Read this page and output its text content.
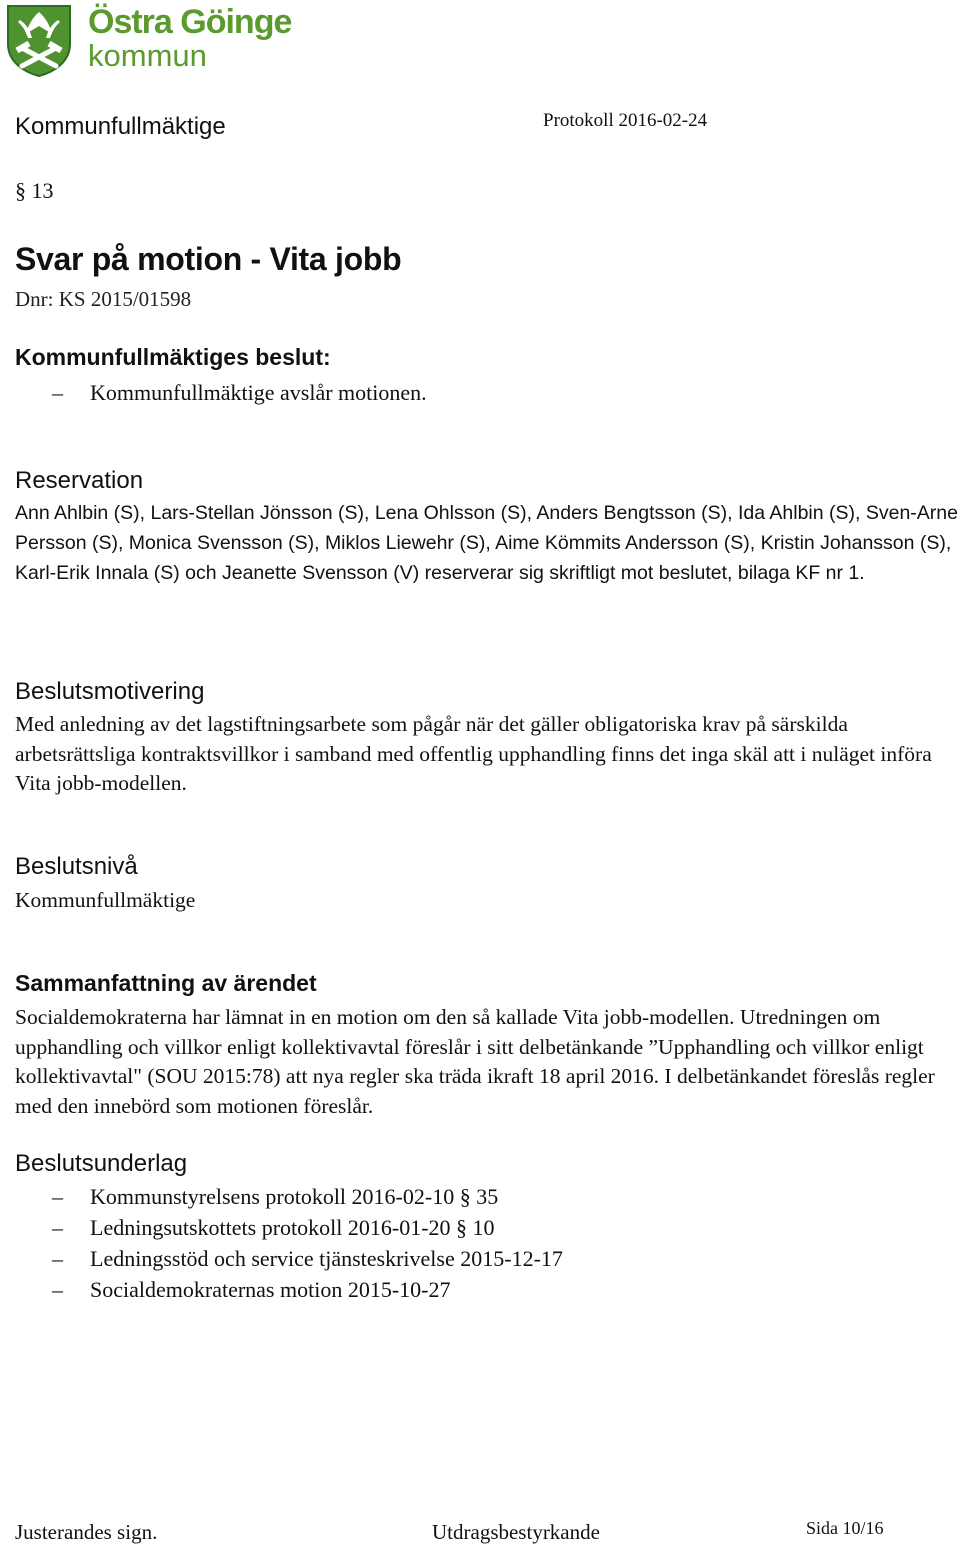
Östra Göinge
kommun
Kommunfullmäktige	Protokoll 2016-02-24
§ 13
Svar på motion - Vita jobb
Dnr: KS 2015/01598
Kommunfullmäktiges beslut:
– Kommunfullmäktige avslår motionen.
Reservation
Ann Ahlbin (S), Lars-Stellan Jönsson (S), Lena Ohlsson (S), Anders Bengtsson (S), Ida Ahlbin (S), Sven-Arne Persson (S), Monica Svensson (S), Miklos Liewehr (S), Aime Kömmits Andersson (S), Kristin Johansson (S), Karl-Erik Innala (S) och Jeanette Svensson (V) reserverar sig skriftligt mot beslutet, bilaga KF nr 1.
Beslutsmotivering
Med anledning av det lagstiftningsarbete som pågår när det gäller obligatoriska krav på särskilda arbetsrättsliga kontraktsvillkor i samband med offentlig upphandling finns det inga skäl att i nuläget införa Vita jobb-modellen.
Beslutsnivå
Kommunfullmäktige
Sammanfattning av ärendet
Socialdemokraterna har lämnat in en motion om den så kallade Vita jobb-modellen. Utredningen om upphandling och villkor enligt kollektivavtal föreslår i sitt delbetänkande ”Upphandling och villkor enligt kollektivavtal" (SOU 2015:78) att nya regler ska träda ikraft 18 april 2016. I delbetänkandet föreslås regler med den innebörd som motionen föreslår.
Beslutsunderlag
– Kommunstyrelsens protokoll 2016-02-10 § 35
– Ledningsutskottets protokoll 2016-01-20 § 10
– Ledningsstöd och service tjänsteskrivelse 2015-12-17
– Socialdemokraternas motion 2015-10-27
Justerandes sign.	Utdragsbestyrkande	Sida 10/16
